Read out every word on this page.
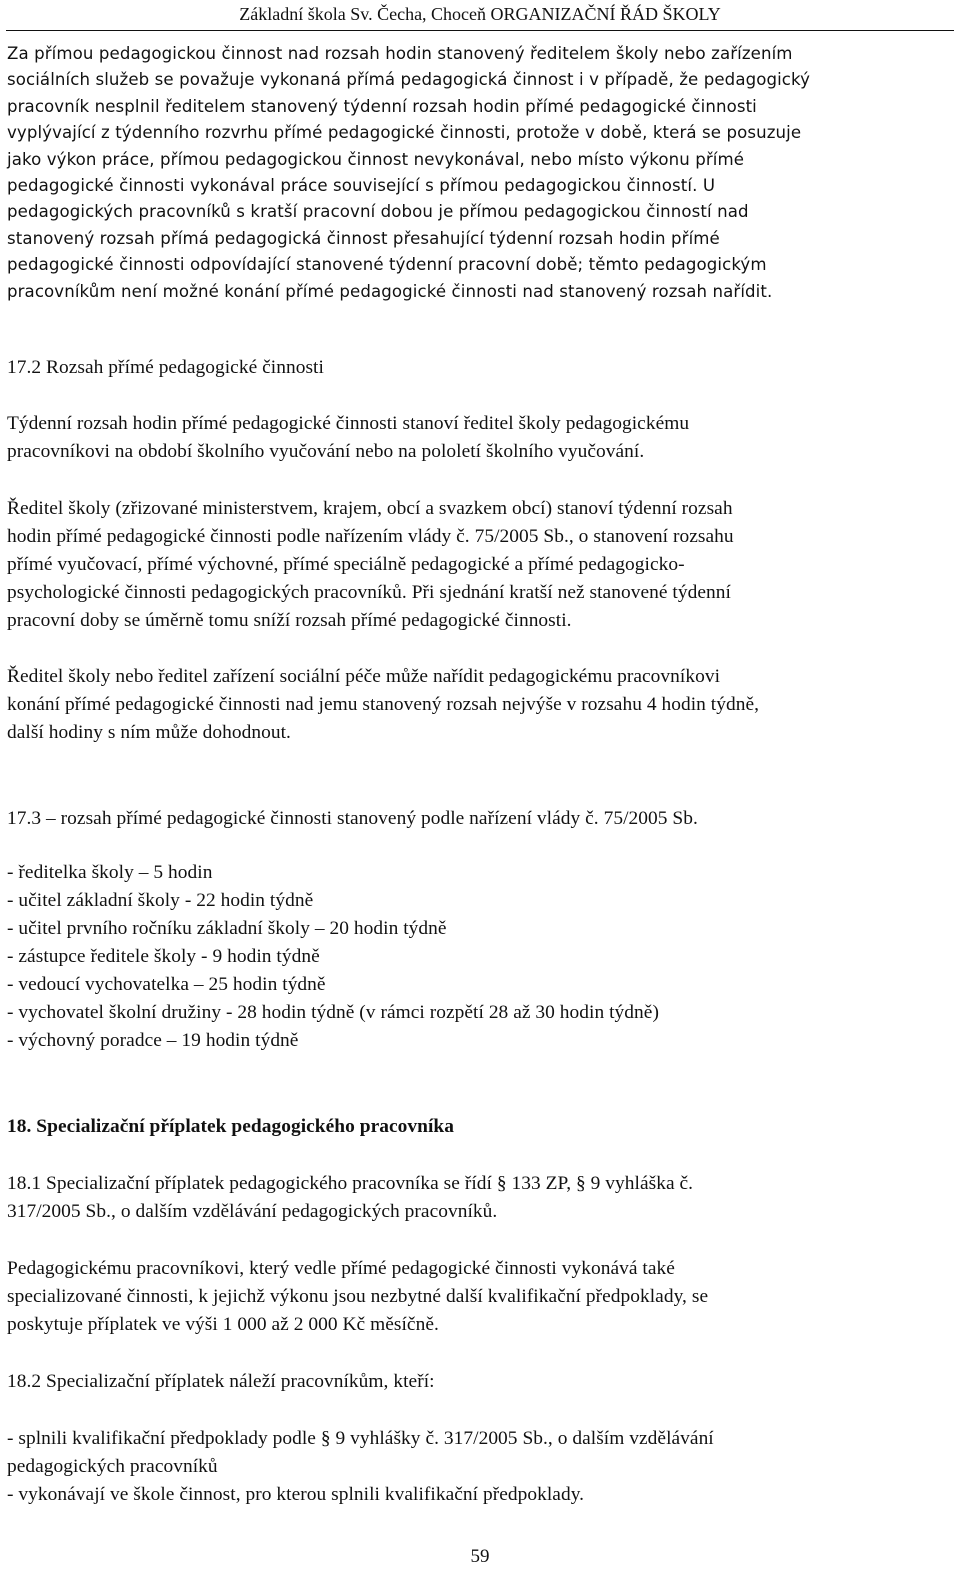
Základní škola Sv. Čecha, Choceň ORGANIZAČNÍ ŘÁD ŠKOLY
Za přímou pedagogickou činnost nad rozsah hodin stanovený ředitelem školy nebo zařízením
sociálních služeb se považuje vykonaná přímá pedagogická činnost i v případě, že pedagogický
pracovník nesplnil ředitelem stanovený týdenní rozsah hodin přímé pedagogické činnosti
vyplývající z týdenního rozvrhu přímé pedagogické činnosti, protože v době, která se posuzuje
jako výkon práce, přímou pedagogickou činnost nevykonával, nebo místo výkonu přímé
pedagogické činnosti vykonával práce související s přímou pedagogickou činností. U
pedagogických pracovníků s kratší pracovní dobou je přímou pedagogickou činností nad
stanovený rozsah přímá pedagogická činnost přesahující týdenní rozsah hodin přímé
pedagogické činnosti odpovídající stanovené týdenní pracovní době; těmto pedagogickým
pracovníkům není možné konání přímé pedagogické činnosti nad stanovený rozsah nařídit.
17.2 Rozsah přímé pedagogické činnosti
Týdenní rozsah hodin přímé pedagogické činnosti stanoví ředitel školy pedagogickému
pracovníkovi na období školního vyučování nebo na pololetí školního vyučování.
Ředitel školy (zřizované ministerstvem, krajem, obcí a svazkem obcí) stanoví týdenní rozsah
hodin přímé pedagogické činnosti podle nařízením vlády č. 75/2005 Sb., o stanovení rozsahu
přímé vyučovací, přímé výchovné, přímé speciálně pedagogické a přímé pedagogicko-
psychologické činnosti pedagogických pracovníků. Při sjednání kratší než stanovené týdenní
pracovní doby se úměrně tomu sníží rozsah přímé pedagogické činnosti.
Ředitel školy nebo ředitel zařízení sociální péče může nařídit pedagogickému pracovníkovi
konání přímé pedagogické činnosti nad jemu stanovený rozsah nejvýše v rozsahu 4 hodin týdně,
další hodiny s ním může dohodnout.
17.3 – rozsah přímé pedagogické činnosti stanovený podle nařízení vlády č. 75/2005 Sb.
- ředitelka školy – 5 hodin
- učitel základní školy - 22 hodin týdně
- učitel prvního ročníku základní školy – 20 hodin týdně
- zástupce ředitele školy - 9 hodin týdně
- vedoucí vychovatelka – 25 hodin týdně
- vychovatel školní družiny - 28 hodin týdně (v rámci rozpětí 28 až 30 hodin týdně)
- výchovný poradce – 19 hodin týdně
18. Specializační příplatek pedagogického pracovníka
18.1 Specializační příplatek pedagogického pracovníka se řídí § 133 ZP, § 9 vyhláška č.
317/2005 Sb., o dalším vzdělávání pedagogických pracovníků.
Pedagogickému pracovníkovi, který vedle přímé pedagogické činnosti vykonává také
specializované činnosti, k jejichž výkonu jsou nezbytné další kvalifikační předpoklady, se
poskytuje příplatek ve výši 1 000 až 2 000 Kč měsíčně.
18.2 Specializační příplatek náleží pracovníkům, kteří:
- splnili kvalifikační předpoklady podle § 9 vyhlášky č. 317/2005 Sb., o dalším vzdělávání
pedagogických pracovníků
- vykonávají ve škole činnost, pro kterou splnili kvalifikační předpoklady.
59
